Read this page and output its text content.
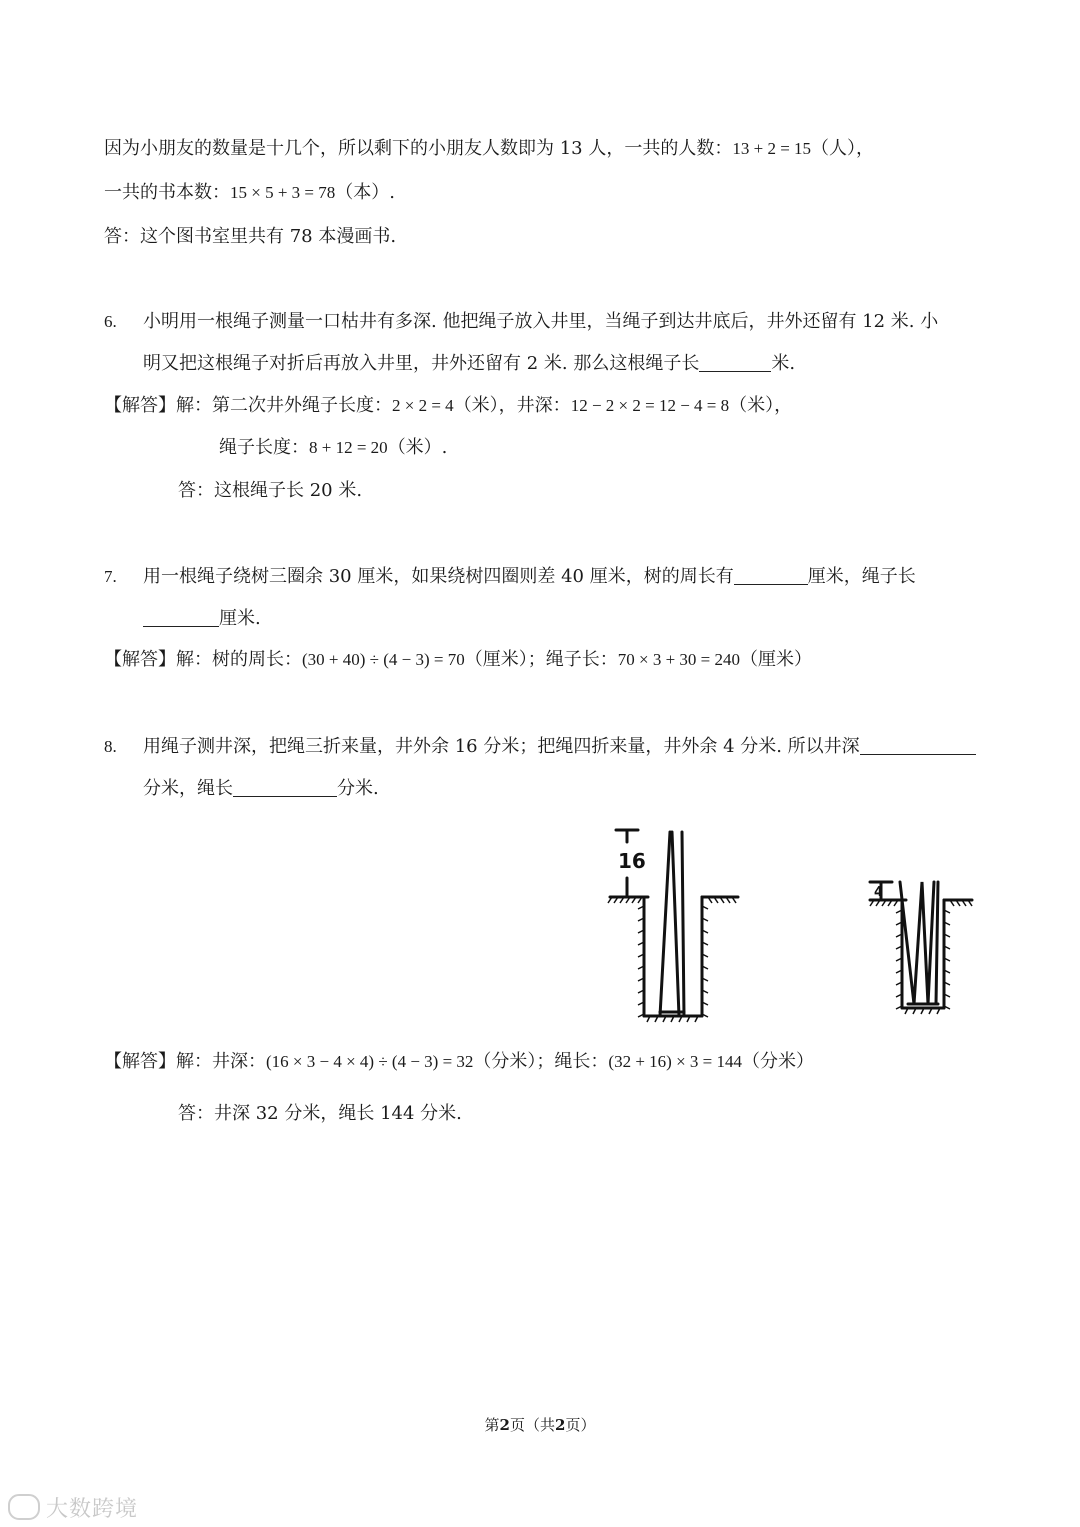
因为小朋友的数量是十几个，所以剩下的小朋友人数即为 13 人，一共的人数：13 + 2 = 15（人），
一共的书本数：15 × 5 + 3 = 78（本）.
答：这个图书室里共有 78 本漫画书.
6. 小明用一根绳子测量一口枯井有多深. 他把绳子放入井里，当绳子到达井底后，井外还留有 12 米. 小
明又把这根绳子对折后再放入井里，井外还留有 2 米. 那么这根绳子长	米.
【解答】解：第二次井外绳子长度：2 × 2 = 4（米），井深：12 − 2 × 2 = 12 − 4 = 8（米），
绳子长度：8 + 12 = 20（米）.
答：这根绳子长 20 米.
7. 用一根绳子绕树三圈余 30 厘米，如果绕树四圈则差 40 厘米，树的周长有	厘米，绳子长
厘米.
【解答】解：树的周长：(30 + 40) ÷ (4 − 3) = 70（厘米）；绳子长：70 × 3 + 30 = 240（厘米）
8. 用绳子测井深，把绳三折来量，井外余 16 分米；把绳四折来量，井外余 4 分米. 所以井深
分米，绳长	分米.
16
4
【解答】解：井深：(16 × 3 − 4 × 4) ÷ (4 − 3) = 32（分米）；绳长：(32 + 16) × 3 = 144（分米）
答：井深 32 分米，绳长 144 分米.
第2页（共2页）
大数跨境
